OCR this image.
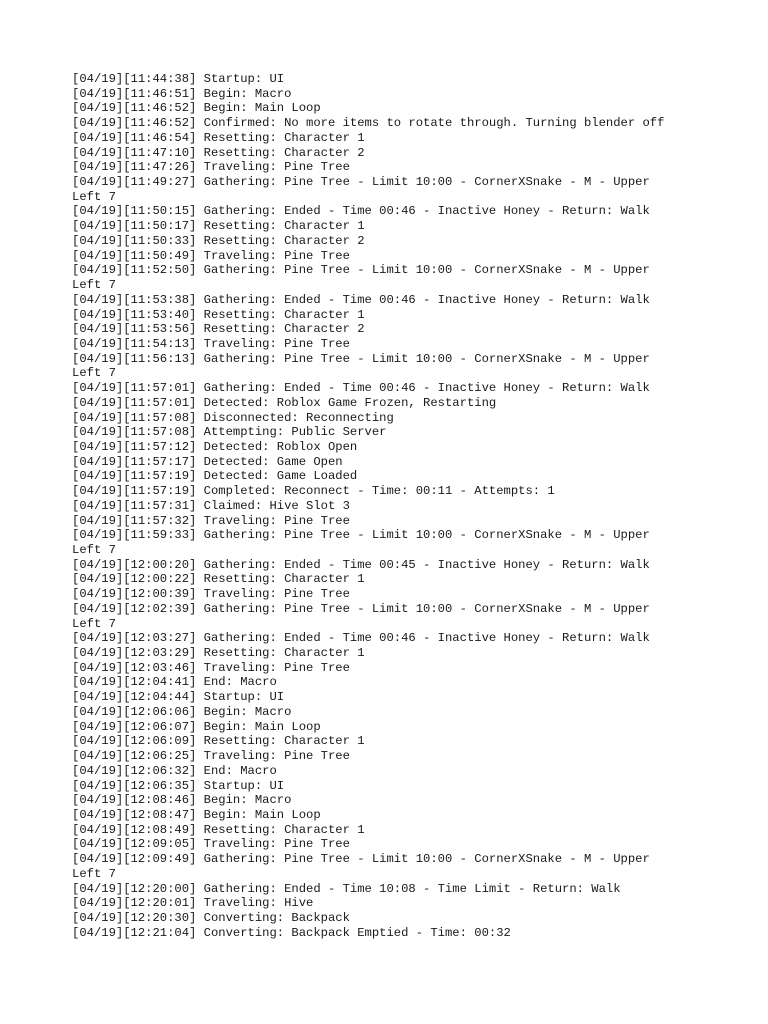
[04/19][11:44:38] Startup: UI
[04/19][11:46:51] Begin: Macro
[04/19][11:46:52] Begin: Main Loop
[04/19][11:46:52] Confirmed: No more items to rotate through. Turning blender off
[04/19][11:46:54] Resetting: Character 1
[04/19][11:47:10] Resetting: Character 2
[04/19][11:47:26] Traveling: Pine Tree
[04/19][11:49:27] Gathering: Pine Tree - Limit 10:00 - CornerXSnake - M - Upper
Left 7
[04/19][11:50:15] Gathering: Ended - Time 00:46 - Inactive Honey - Return: Walk
[04/19][11:50:17] Resetting: Character 1
[04/19][11:50:33] Resetting: Character 2
[04/19][11:50:49] Traveling: Pine Tree
[04/19][11:52:50] Gathering: Pine Tree - Limit 10:00 - CornerXSnake - M - Upper
Left 7
[04/19][11:53:38] Gathering: Ended - Time 00:46 - Inactive Honey - Return: Walk
[04/19][11:53:40] Resetting: Character 1
[04/19][11:53:56] Resetting: Character 2
[04/19][11:54:13] Traveling: Pine Tree
[04/19][11:56:13] Gathering: Pine Tree - Limit 10:00 - CornerXSnake - M - Upper
Left 7
[04/19][11:57:01] Gathering: Ended - Time 00:46 - Inactive Honey - Return: Walk
[04/19][11:57:01] Detected: Roblox Game Frozen, Restarting
[04/19][11:57:08] Disconnected: Reconnecting
[04/19][11:57:08] Attempting: Public Server
[04/19][11:57:12] Detected: Roblox Open
[04/19][11:57:17] Detected: Game Open
[04/19][11:57:19] Detected: Game Loaded
[04/19][11:57:19] Completed: Reconnect - Time: 00:11 - Attempts: 1
[04/19][11:57:31] Claimed: Hive Slot 3
[04/19][11:57:32] Traveling: Pine Tree
[04/19][11:59:33] Gathering: Pine Tree - Limit 10:00 - CornerXSnake - M - Upper
Left 7
[04/19][12:00:20] Gathering: Ended - Time 00:45 - Inactive Honey - Return: Walk
[04/19][12:00:22] Resetting: Character 1
[04/19][12:00:39] Traveling: Pine Tree
[04/19][12:02:39] Gathering: Pine Tree - Limit 10:00 - CornerXSnake - M - Upper
Left 7
[04/19][12:03:27] Gathering: Ended - Time 00:46 - Inactive Honey - Return: Walk
[04/19][12:03:29] Resetting: Character 1
[04/19][12:03:46] Traveling: Pine Tree
[04/19][12:04:41] End: Macro
[04/19][12:04:44] Startup: UI
[04/19][12:06:06] Begin: Macro
[04/19][12:06:07] Begin: Main Loop
[04/19][12:06:09] Resetting: Character 1
[04/19][12:06:25] Traveling: Pine Tree
[04/19][12:06:32] End: Macro
[04/19][12:06:35] Startup: UI
[04/19][12:08:46] Begin: Macro
[04/19][12:08:47] Begin: Main Loop
[04/19][12:08:49] Resetting: Character 1
[04/19][12:09:05] Traveling: Pine Tree
[04/19][12:09:49] Gathering: Pine Tree - Limit 10:00 - CornerXSnake - M - Upper
Left 7
[04/19][12:20:00] Gathering: Ended - Time 10:08 - Time Limit - Return: Walk
[04/19][12:20:01] Traveling: Hive
[04/19][12:20:30] Converting: Backpack
[04/19][12:21:04] Converting: Backpack Emptied - Time: 00:32
